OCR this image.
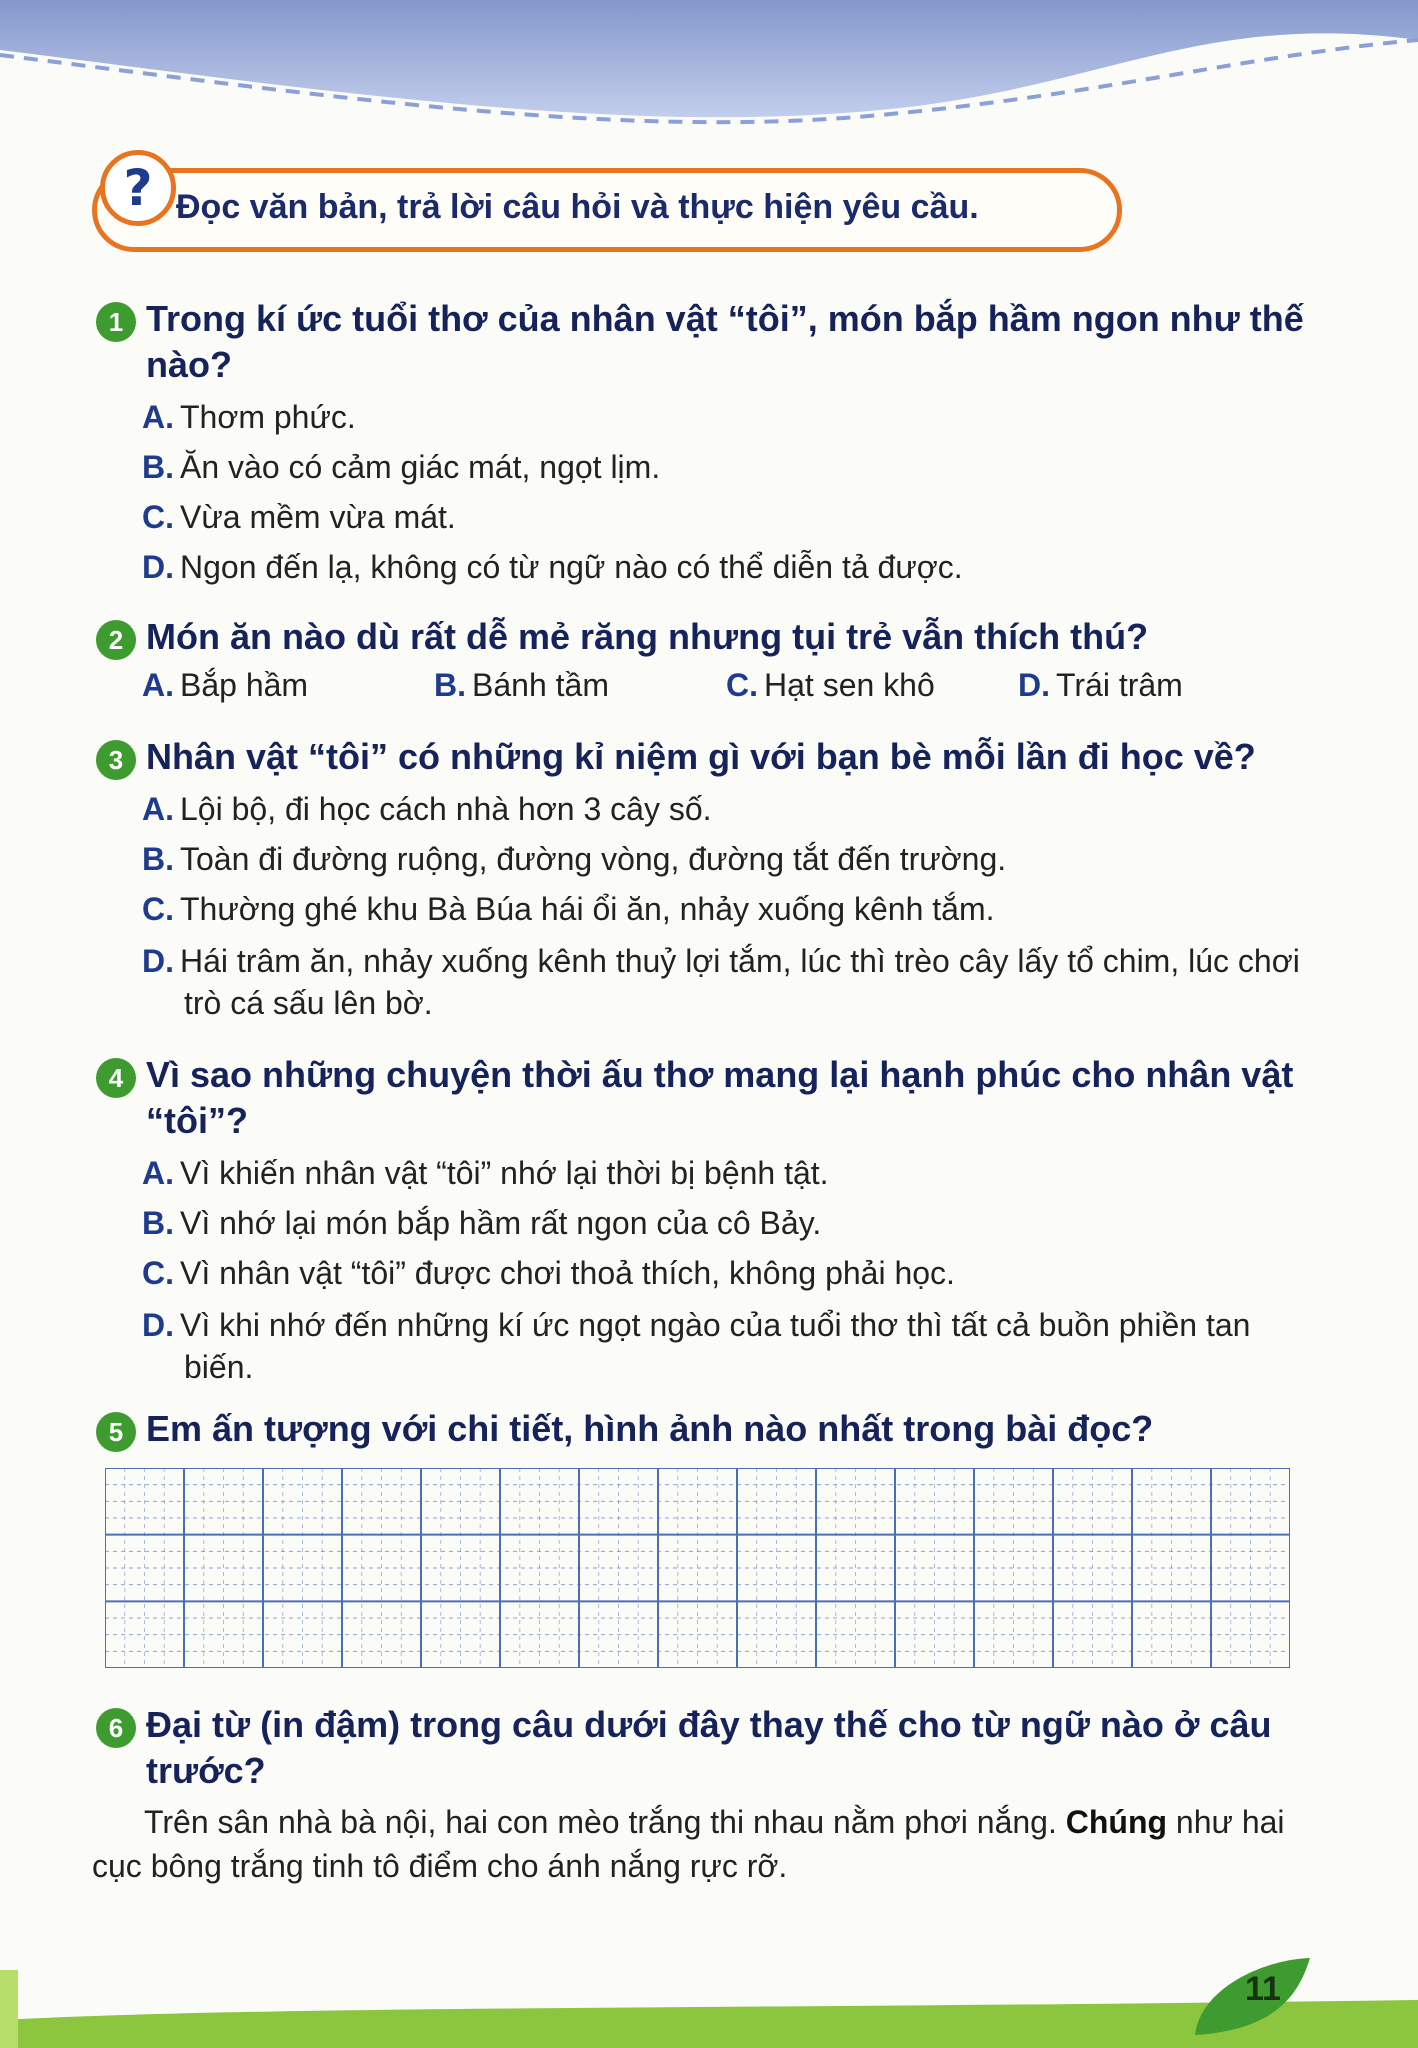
? Đọc văn bản, trả lời câu hỏi và thực hiện yêu cầu.
1 Trong kí ức tuổi thơ của nhân vật “tôi”, món bắp hầm ngon như thế nào?
A. Thơm phức.
B. Ăn vào có cảm giác mát, ngọt lịm.
C. Vừa mềm vừa mát.
D. Ngon đến lạ, không có từ ngữ nào có thể diễn tả được.
2 Món ăn nào dù rất dễ mẻ răng nhưng tụi trẻ vẫn thích thú?
A. Bắp hầm	B. Bánh tầm	C. Hạt sen khô	D. Trái trâm
3 Nhân vật “tôi” có những kỉ niệm gì với bạn bè mỗi lần đi học về?
A. Lội bộ, đi học cách nhà hơn 3 cây số.
B. Toàn đi đường ruộng, đường vòng, đường tắt đến trường.
C. Thường ghé khu Bà Búa hái ổi ăn, nhảy xuống kênh tắm.
D. Hái trâm ăn, nhảy xuống kênh thuỷ lợi tắm, lúc thì trèo cây lấy tổ chim, lúc chơi trò cá sấu lên bờ.
4 Vì sao những chuyện thời ấu thơ mang lại hạnh phúc cho nhân vật “tôi”?
A. Vì khiến nhân vật “tôi” nhớ lại thời bị bệnh tật.
B. Vì nhớ lại món bắp hầm rất ngon của cô Bảy.
C. Vì nhân vật “tôi” được chơi thoả thích, không phải học.
D. Vì khi nhớ đến những kí ức ngọt ngào của tuổi thơ thì tất cả buồn phiền tan biến.
5 Em ấn tượng với chi tiết, hình ảnh nào nhất trong bài đọc?
6 Đại từ (in đậm) trong câu dưới đây thay thế cho từ ngữ nào ở câu trước?

Trên sân nhà bà nội, hai con mèo trắng thi nhau nằm phơi nắng. Chúng như hai cục bông trắng tinh tô điểm cho ánh nắng rực rỡ.

11
